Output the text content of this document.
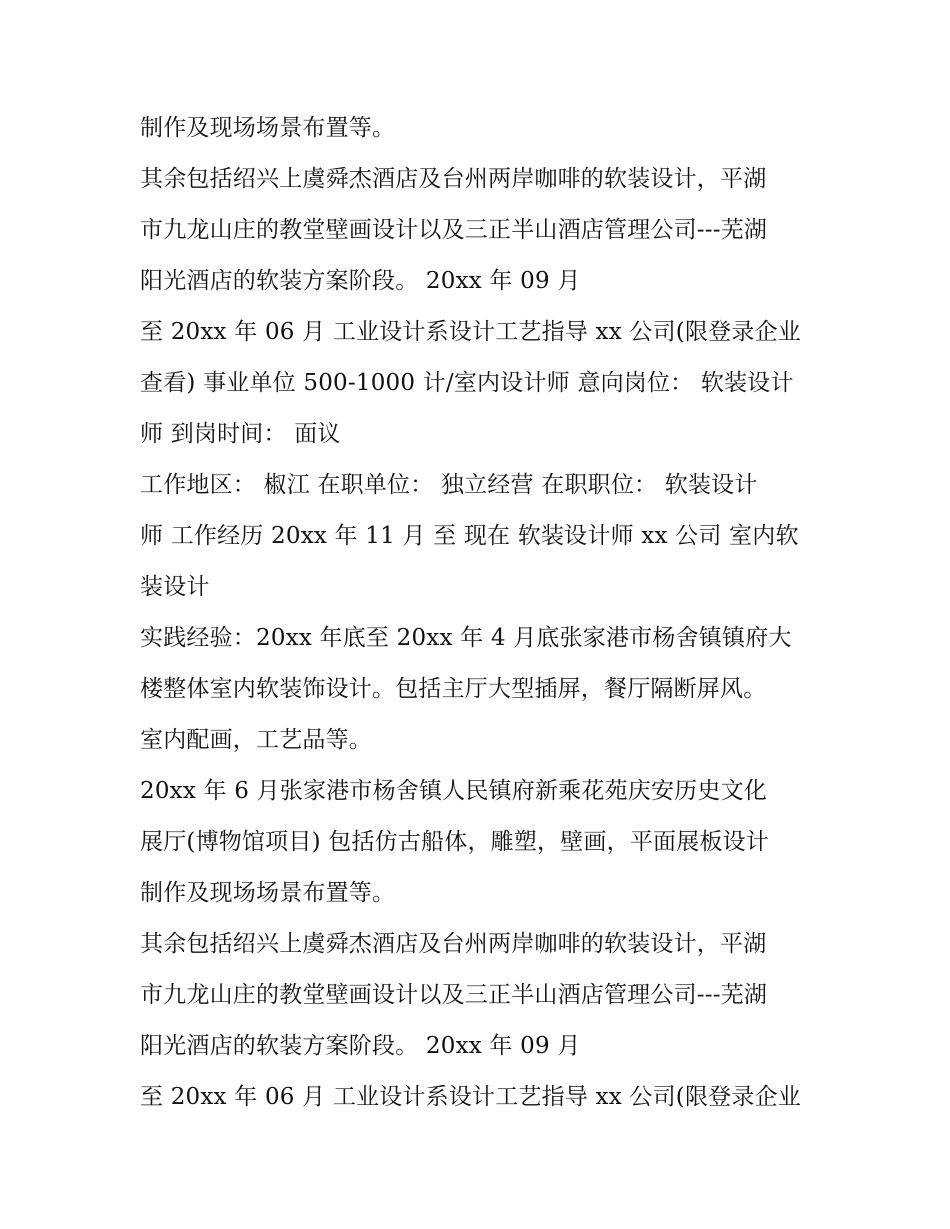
制作及现场场景布置等。
其余包括绍兴上虞舜杰酒店及台州两岸咖啡的软装设计，平湖
市九龙山庄的教堂壁画设计以及三正半山酒店管理公司---芜湖
阳光酒店的软装方案阶段。 20xx 年 09 月
至 20xx 年 06 月 工业设计系设计工艺指导 xx 公司(限登录企业
查看) 事业单位 500-1000 计/室内设计师 意向岗位： 软装设计
师 到岗时间： 面议
工作地区： 椒江 在职单位： 独立经营 在职职位： 软装设计
师 工作经历 20xx 年 11 月 至 现在 软装设计师 xx 公司 室内软
装设计
实践经验：20xx 年底至 20xx 年 4 月底张家港市杨舍镇镇府大
楼整体室内软装饰设计。包括主厅大型插屏，餐厅隔断屏风。
室内配画，工艺品等。
20xx 年 6 月张家港市杨舍镇人民镇府新乘花苑庆安历史文化
展厅(博物馆项目) 包括仿古船体，雕塑，壁画，平面展板设计
制作及现场场景布置等。
其余包括绍兴上虞舜杰酒店及台州两岸咖啡的软装设计，平湖
市九龙山庄的教堂壁画设计以及三正半山酒店管理公司---芜湖
阳光酒店的软装方案阶段。 20xx 年 09 月
至 20xx 年 06 月 工业设计系设计工艺指导 xx 公司(限登录企业
